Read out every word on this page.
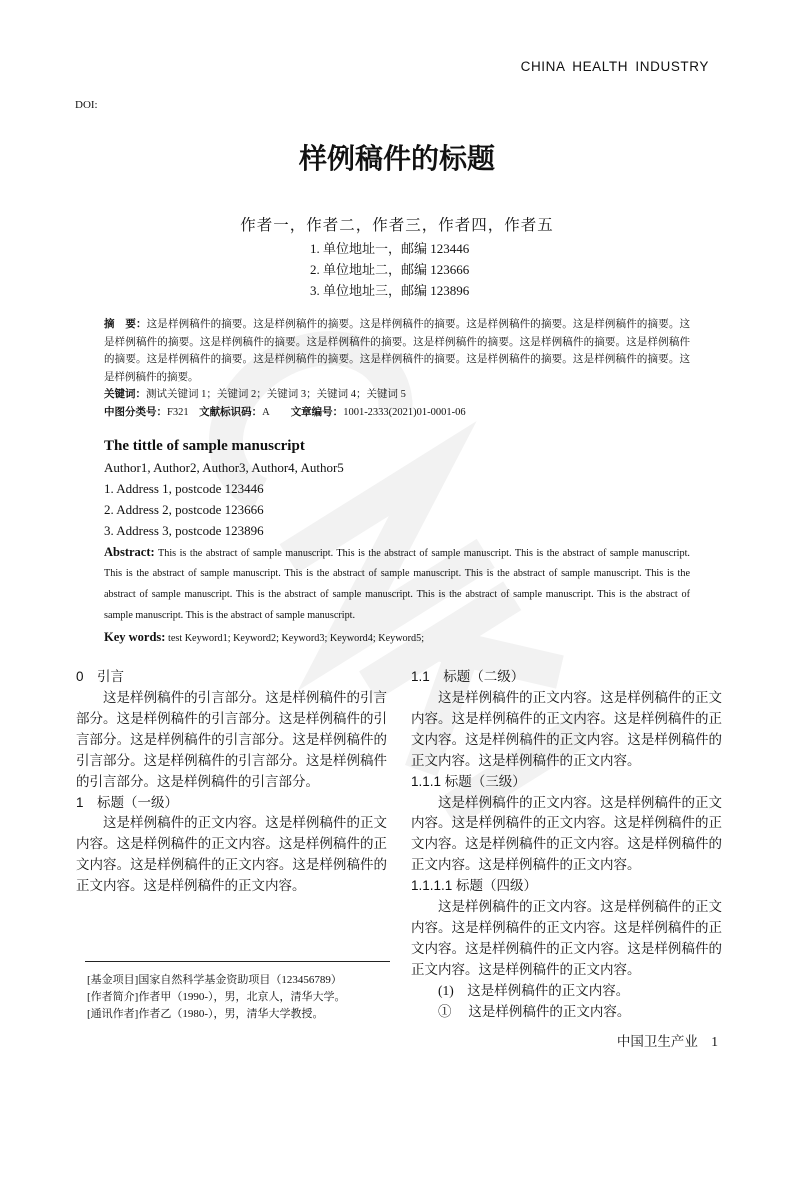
CHINA HEALTH INDUSTRY
DOI:
样例稿件的标题
作者一，作者二，作者三，作者四，作者五
1. 单位地址一，邮编 123446
2. 单位地址二，邮编 123666
3. 单位地址三，邮编 123896
摘　要：这是样例稿件的摘要。这是样例稿件的摘要。这是样例稿件的摘要。这是样例稿件的摘要。这是样例稿件的摘要。这是样例稿件的摘要。这是样例稿件的摘要。这是样例稿件的摘要。这是样例稿件的摘要。这是样例稿件的摘要。这是样例稿件的摘要。这是样例稿件的摘要。这是样例稿件的摘要。这是样例稿件的摘要。这是样例稿件的摘要。这是样例稿件的摘要。这是样例稿件的摘要。
关键词：测试关键词 1；关键词 2；关键词 3；关键词 4；关键词 5
中图分类号：F321 文献标识码：A 文章编号：1001-2333(2021)01-0001-06
The tittle of sample manuscript
Author1, Author2, Author3, Author4, Author5
1. Address 1, postcode 123446
2. Address 2, postcode 123666
3. Address 3, postcode 123896
Abstract: This is the abstract of sample manuscript. This is the abstract of sample manuscript. This is the abstract of sample manuscript. This is the abstract of sample manuscript. This is the abstract of sample manuscript. This is the abstract of sample manuscript. This is the abstract of sample manuscript. This is the abstract of sample manuscript. This is the abstract of sample manuscript. This is the abstract of sample manuscript. This is the abstract of sample manuscript.
Key words: test Keyword1; Keyword2; Keyword3; Keyword4; Keyword5;

0　引言

这是样例稿件的引言部分。这是样例稿件的引言部分。这是样例稿件的引言部分。这是样例稿件的引言部分。这是样例稿件的引言部分。这是样例稿件的引言部分。这是样例稿件的引言部分。这是样例稿件的引言部分。这是样例稿件的引言部分。

1　标题（一级）

这是样例稿件的正文内容。这是样例稿件的正文内容。这是样例稿件的正文内容。这是样例稿件的正文内容。这是样例稿件的正文内容。这是样例稿件的正文内容。这是样例稿件的正文内容。

[基金项目]国家自然科学基金资助项目（123456789）
[作者简介]作者甲（1990-），男，北京人，清华大学。
[通讯作者]作者乙（1980-），男，清华大学教授。

1.1　标题（二级）

这是样例稿件的正文内容。这是样例稿件的正文内容。这是样例稿件的正文内容。这是样例稿件的正文内容。这是样例稿件的正文内容。这是样例稿件的正文内容。这是样例稿件的正文内容。

1.1.1 标题（三级）

这是样例稿件的正文内容。这是样例稿件的正文内容。这是样例稿件的正文内容。这是样例稿件的正文内容。这是样例稿件的正文内容。这是样例稿件的正文内容。这是样例稿件的正文内容。

1.1.1.1 标题（四级）

这是样例稿件的正文内容。这是样例稿件的正文内容。这是样例稿件的正文内容。这是样例稿件的正文内容。这是样例稿件的正文内容。这是样例稿件的正文内容。这是样例稿件的正文内容。

(1)　这是样例稿件的正文内容。

①　 这是样例稿件的正文内容。

中国卫生产业 1
